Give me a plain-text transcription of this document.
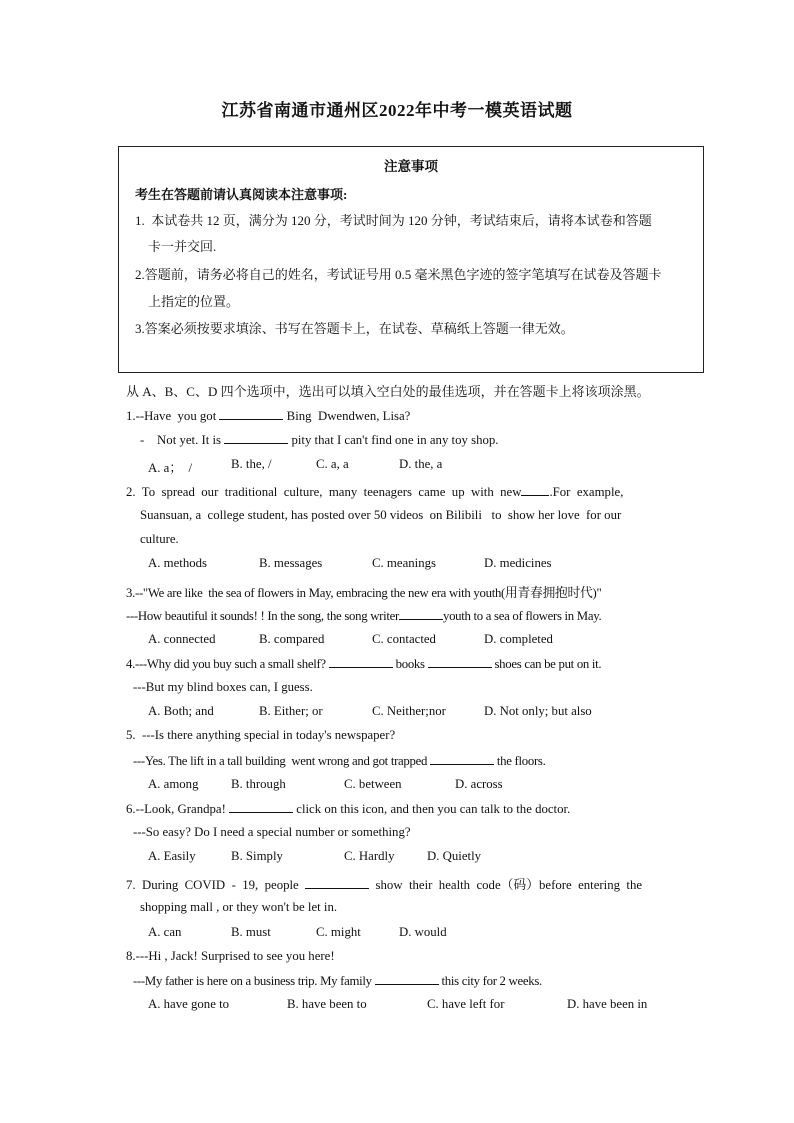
江苏省南通市通州区2022年中考一模英语试题
注意事项
考生在答题前请认真阅读本注意事项:
1.  本试卷共 12 页，满分为 120 分，考试时间为 120 分钟，考试结束后，请将本试卷和答题
卡一并交回.
2.答题前，请务必将自己的姓名，考试证号用 0.5 毫米黑色字迹的签字笔填写在试卷及答题卡
上指定的位置。
3.答案必须按要求填涂、书写在答题卡上，在试卷、草稿纸上答题一律无效。
从 A、B、C、D 四个选项中，选出可以填入空白处的最佳选项，并在答题卡上将该项涂黑。
1.--Have  you got	Bing  Dwendwen, Lisa?
-    Not yet. It is	pity that I can't find one in any toy shop.
A. a；  /	B. the, /	C. a, a	D. the, a
2.  To  spread  our  traditional  culture,  many  teenagers  came  up  with  new .For  example,
Suansuan, a  college student, has posted over 50 videos  on Bilibili   to  show her love  for our
culture.
A. methods	B. messages	C. meanings	D. medicines
3.--"We are like  the sea of flowers in May, embracing the new era with youth(用青春拥抱时代)"
---How beautiful it sounds! ! In the song, the song writer	youth to a sea of flowers in May.
A. connected	B. compared	C. contacted	D. completed
4.---Why did you buy such a small shelf?	books	shoes can be put on it.
---But my blind boxes can, I guess.
A. Both; and	B. Either; or	C. Neither;nor	D. Not only; but also
5.  ---Is there anything special in today's newspaper?
---Yes. The lift in a tall building  went wrong and got trapped	the floors.
A. among	B. through	C. between	D. across
6.--Look, Grandpa!	click on this icon, and then you can talk to the doctor.
---So easy? Do I need a special number or something?
A. Easily	B. Simply	C. Hardly	D. Quietly
7.  During  COVID  -  19,  people	show  their  health  code（码）before  entering  the
shopping mall , or they won't be let in.
A. can	B. must	C. might	D. would
8.---Hi , Jack! Surprised to see you here!
---My father is here on a business trip. My family	this city for 2 weeks.
A. have gone to	B. have been to	C. have left for	D. have been in
